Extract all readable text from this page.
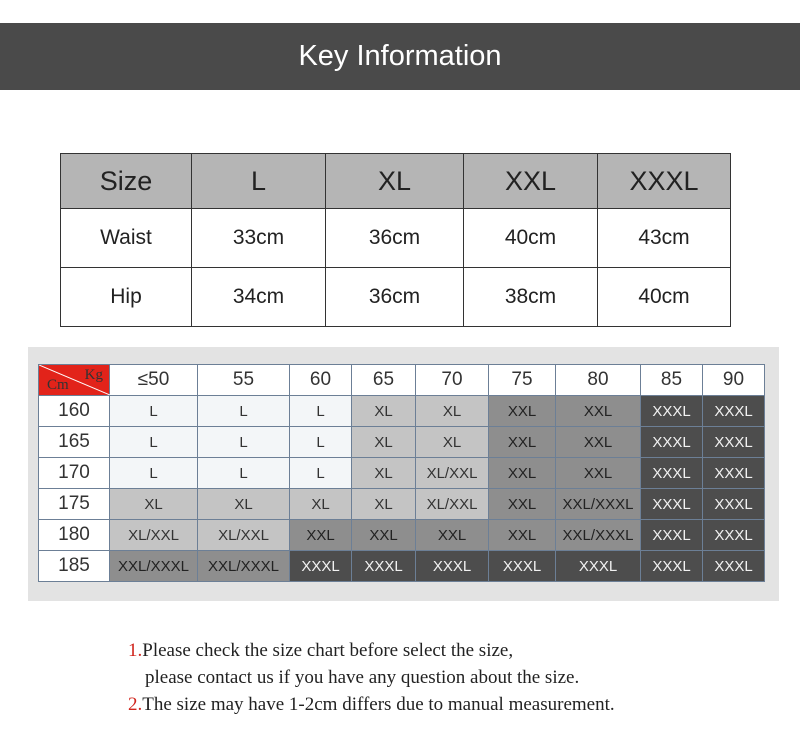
Key Information
Size	L	XL	XXL	XXXL
Waist	33cm	36cm	40cm	43cm
Hip	34cm	36cm	38cm	40cm
Kg
Cm	≤50	55	60	65	70	75	80	85	90
160	L	L	L	XL	XL	XXL	XXL	XXXL	XXXL
165	L	L	L	XL	XL	XXL	XXL	XXXL	XXXL
170	L	L	L	XL	XL/XXL	XXL	XXL	XXXL	XXXL
175	XL	XL	XL	XL	XL/XXL	XXL	XXL/XXXL	XXXL	XXXL
180	XL/XXL	XL/XXL	XXL	XXL	XXL	XXL	XXL/XXXL	XXXL	XXXL
185	XXL/XXXL	XXL/XXXL	XXXL	XXXL	XXXL	XXXL	XXXL	XXXL	XXXL
1.Please check the size chart before select the size,
please contact us if you have any question about the size.
2.The size may have 1-2cm differs due to manual measurement.
